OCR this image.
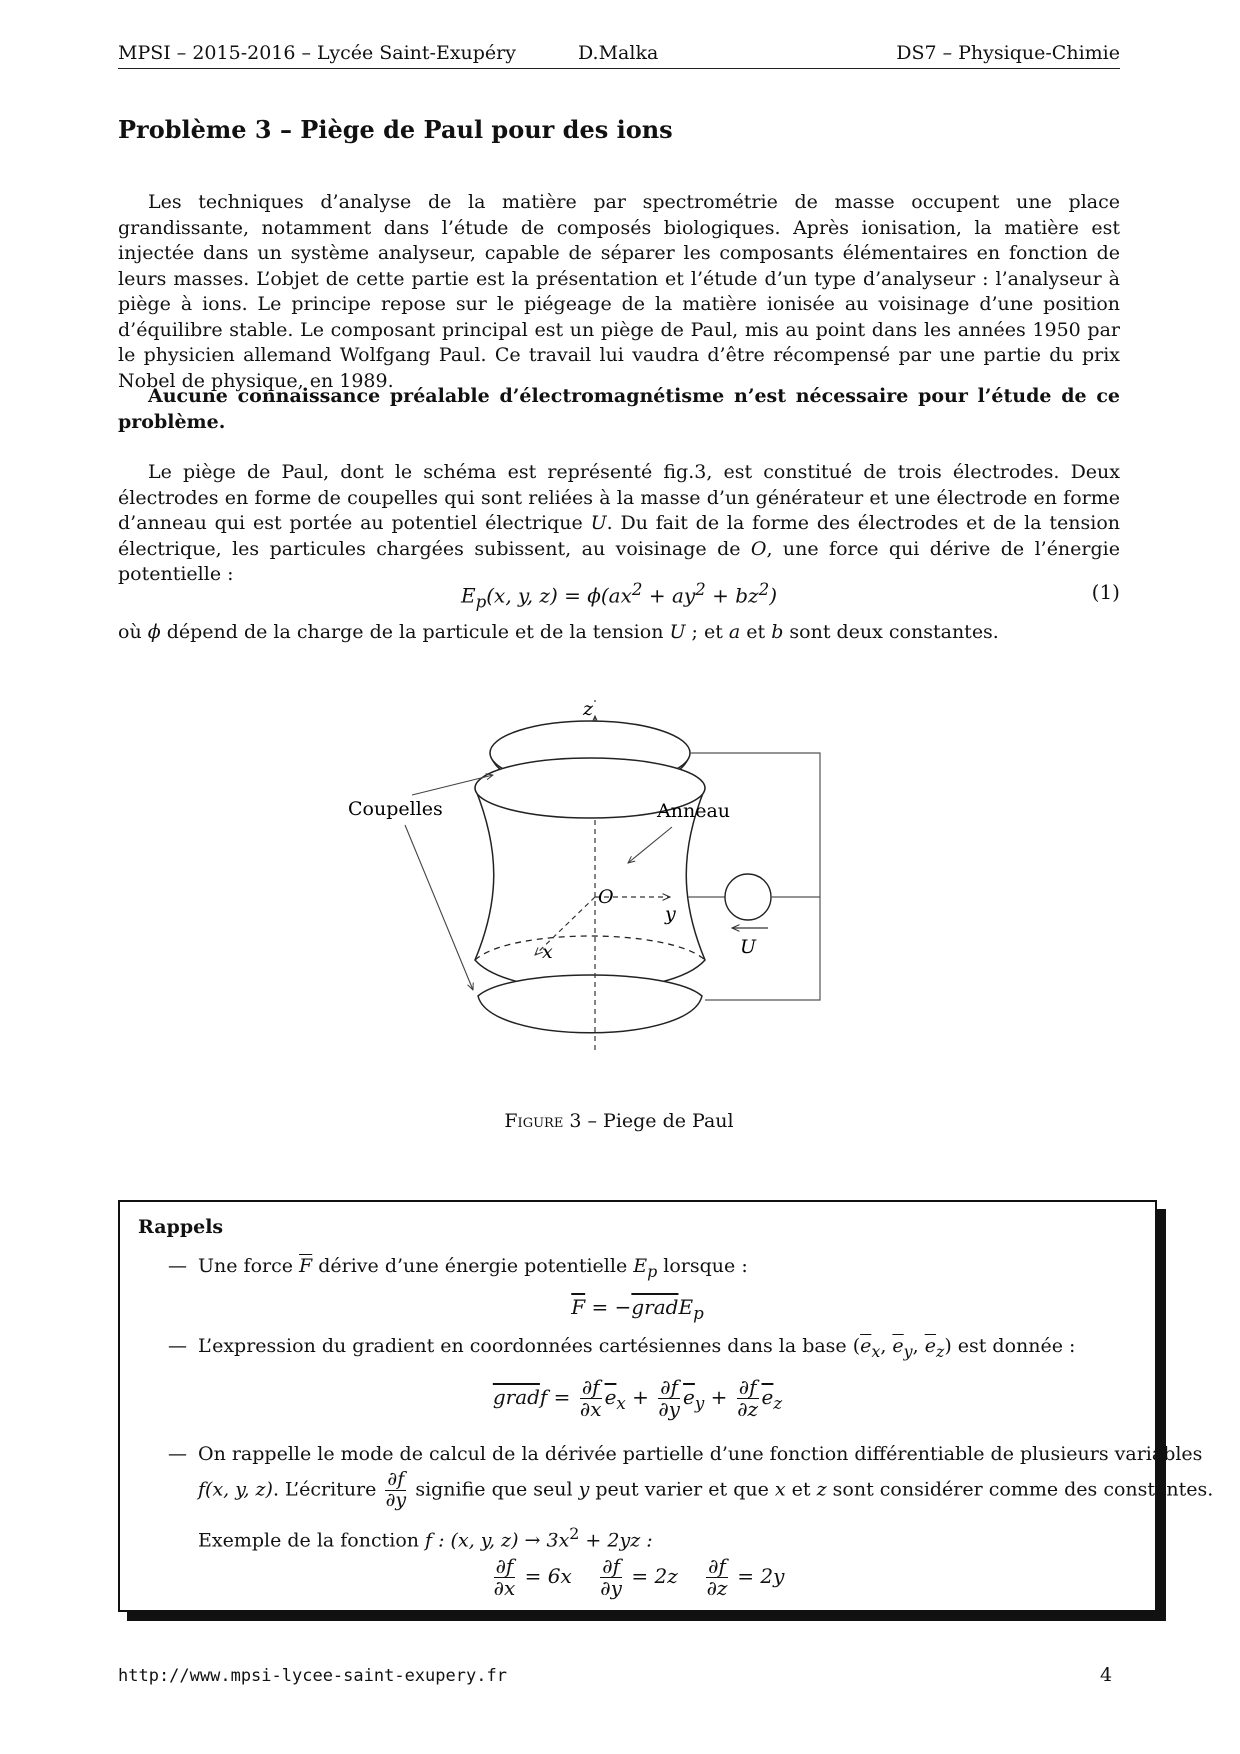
MPSI – 2015-2016 – Lycée Saint-Exupéry	D.Malka	DS7 – Physique-Chimie
Problème 3 – Piège de Paul pour des ions

Les techniques d’analyse de la matière par spectrométrie de masse occupent une place grandissante, notamment dans l’étude de composés biologiques. Après ionisation, la matière est injectée dans un système analyseur, capable de séparer les composants élémentaires en fonction de leurs masses. L’objet de cette partie est la présentation et l’étude d’un type d’analyseur : l’analyseur à piège à ions. Le principe repose sur le piégeage de la matière ionisée au voisinage d’une position d’équilibre stable. Le composant principal est un piège de Paul, mis au point dans les années 1950 par le physicien allemand Wolfgang Paul. Ce travail lui vaudra d’être récompensé par une partie du prix Nobel de physique, en 1989.

Aucune connaissance préalable d’électromagnétisme n’est nécessaire pour l’étude de ce problème.

Le piège de Paul, dont le schéma est représenté fig.3, est constitué de trois électrodes. Deux électrodes en forme de coupelles qui sont reliées à la masse d’un générateur et une électrode en forme d’anneau qui est portée au potentiel électrique U. Du fait de la forme des électrodes et de la tension électrique, les particules chargées subissent, au voisinage de O, une force qui dérive de l’énergie potentielle :

$E_p(x$, y, $z) = \phi(ax^2 + ay^2 + bz^2)$	(1)

où ϕ dépend de la charge de la particule et de la tension U ; et a et b sont deux constantes.

z
O
y
x	U
Coupelles	Anneau
Figure 3 – Piege de Paul
Rappels
— Une force $\overline{F}$ dérive d’une énergie potentielle $E_p$ lorsque :
$\overline{F}$ = −gradE$_p$
— L’expression du gradient en coordonnées cartésiennes dans la base ($\overline{e}_x$, $\overline{e}_y$, $\overline{e}_z$) est donnée :
gradf = $\frac{\partial f}{\partial x} \overline{e}_x + \frac{\partial f}{\partial y} \overline{e}_y + \frac{\partial f}{\partial z} \overline{e}_z$
— On rappelle le mode de calcul de la dérivée partielle d’une fonction différentiable de plusieurs variables
f(x, y, z). L’écriture $\frac{\partial f}{\partial y}$ signifie que seul y peut varier et que x et z sont considérer comme des constantes.
Exemple de la fonction f : (x, y, $z) \to 3x^2 + 2yz$ :
$\frac{\partial f}{\partial x} = 6x \frac{\partial f}{\partial y} = 2z \frac{\partial f}{\partial z} = 2y$
http://www.mpsi-lycee-saint-exupery.fr	4
